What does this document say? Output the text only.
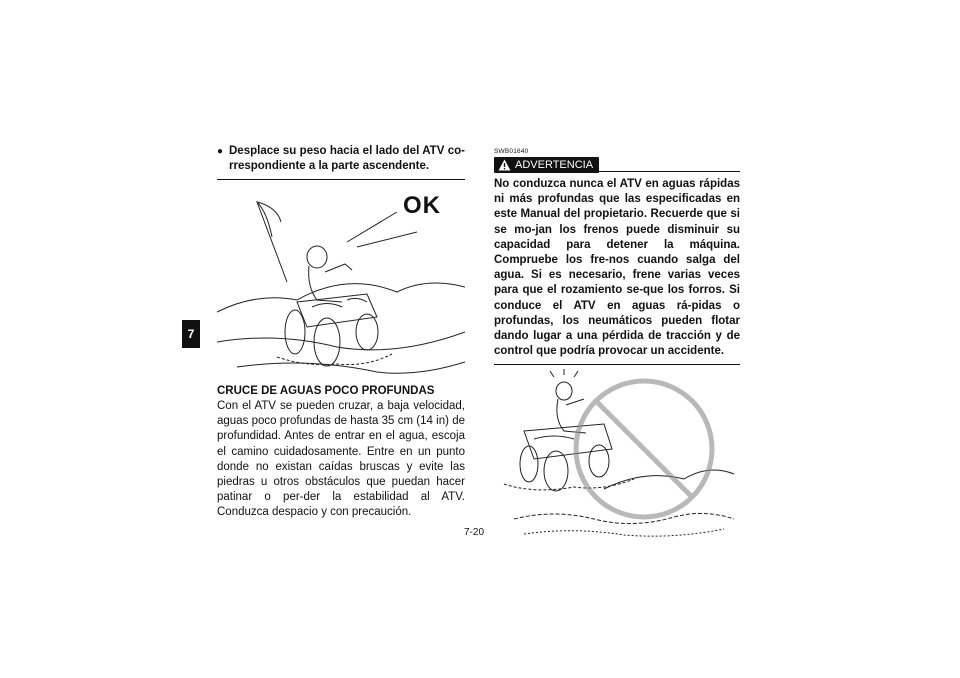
7
● Desplace su peso hacia el lado del ATV co-rrespondiente a la parte ascendente.
OK
CRUCE DE AGUAS POCO PROFUNDAS
Con el ATV se pueden cruzar, a baja velocidad, aguas poco profundas de hasta 35 cm (14 in) de profundidad. Antes de entrar en el agua, escoja el camino cuidadosamente. Entre en un punto donde no existan caídas bruscas y evite las piedras u otros obstáculos que puedan hacer patinar o per-der la estabilidad al ATV. Conduzca despacio y con precaución.
SWB01640
ADVERTENCIA
No conduzca nunca el ATV en aguas rápidas ni más profundas que las especificadas en este Manual del propietario. Recuerde que si se mo-jan los frenos puede disminuir su capacidad para detener la máquina. Compruebe los fre-nos cuando salga del agua. Si es necesario, frene varias veces para que el rozamiento se-que los forros. Si conduce el ATV en aguas rá-pidas o profundas, los neumáticos pueden flotar dando lugar a una pérdida de tracción y de control que podría provocar un accidente.
7-20
